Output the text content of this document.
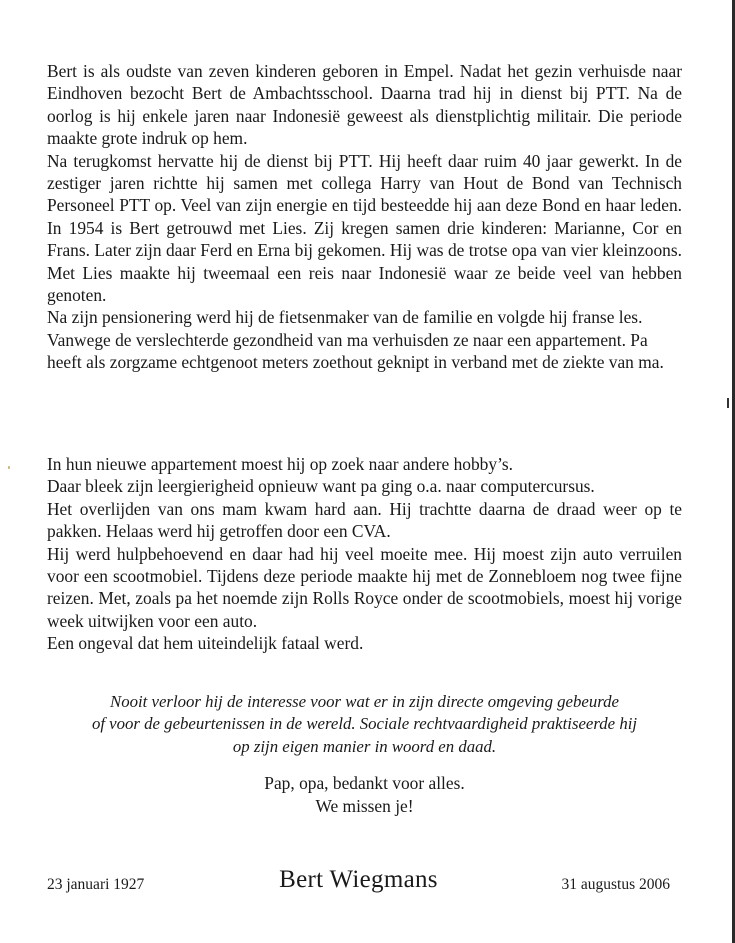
Bert is als oudste van zeven kinderen geboren in Empel. Nadat het gezin verhuisde naar Eindhoven bezocht Bert de Ambachtsschool. Daarna trad hij in dienst bij PTT. Na de oorlog is hij enkele jaren naar Indonesië geweest als dienstplichtig militair. Die periode maakte grote indruk op hem.

Na terugkomst hervatte hij de dienst bij PTT. Hij heeft daar ruim 40 jaar gewerkt. In de zestiger jaren richtte hij samen met collega Harry van Hout de Bond van Technisch Personeel PTT op. Veel van zijn energie en tijd besteedde hij aan deze Bond en haar leden. In 1954 is Bert getrouwd met Lies. Zij kregen samen drie kinderen: Marianne, Cor en Frans. Later zijn daar Ferd en Erna bij gekomen. Hij was de trotse opa van vier kleinzoons. Met Lies maakte hij tweemaal een reis naar Indonesië waar ze beide veel van hebben genoten.

Na zijn pensionering werd hij de fietsenmaker van de familie en volgde hij franse les. Vanwege de verslechterde gezondheid van ma verhuisden ze naar een appartement. Pa heeft als zorgzame echtgenoot meters zoethout geknipt in verband met de ziekte van ma.

In hun nieuwe appartement moest hij op zoek naar andere hobby’s.

Daar bleek zijn leergierigheid opnieuw want pa ging o.a. naar computercursus.

Het overlijden van ons mam kwam hard aan. Hij trachtte daarna de draad weer op te pakken. Helaas werd hij getroffen door een CVA.

Hij werd hulpbehoevend en daar had hij veel moeite mee. Hij moest zijn auto verruilen voor een scootmobiel. Tijdens deze periode maakte hij met de Zonnebloem nog twee fijne reizen. Met, zoals pa het noemde zijn Rolls Royce onder de scootmobiels, moest hij vorige week uitwijken voor een auto.

Een ongeval dat hem uiteindelijk fataal werd.

Nooit verloor hij de interesse voor wat er in zijn directe omgeving gebeurde
of voor de gebeurtenissen in de wereld. Sociale rechtvaardigheid praktiseerde hij
op zijn eigen manier in woord en daad.
Pap, opa, bedankt voor alles.
We missen je!
23 januari 1927	Bert Wiegmans	31 augustus 2006
